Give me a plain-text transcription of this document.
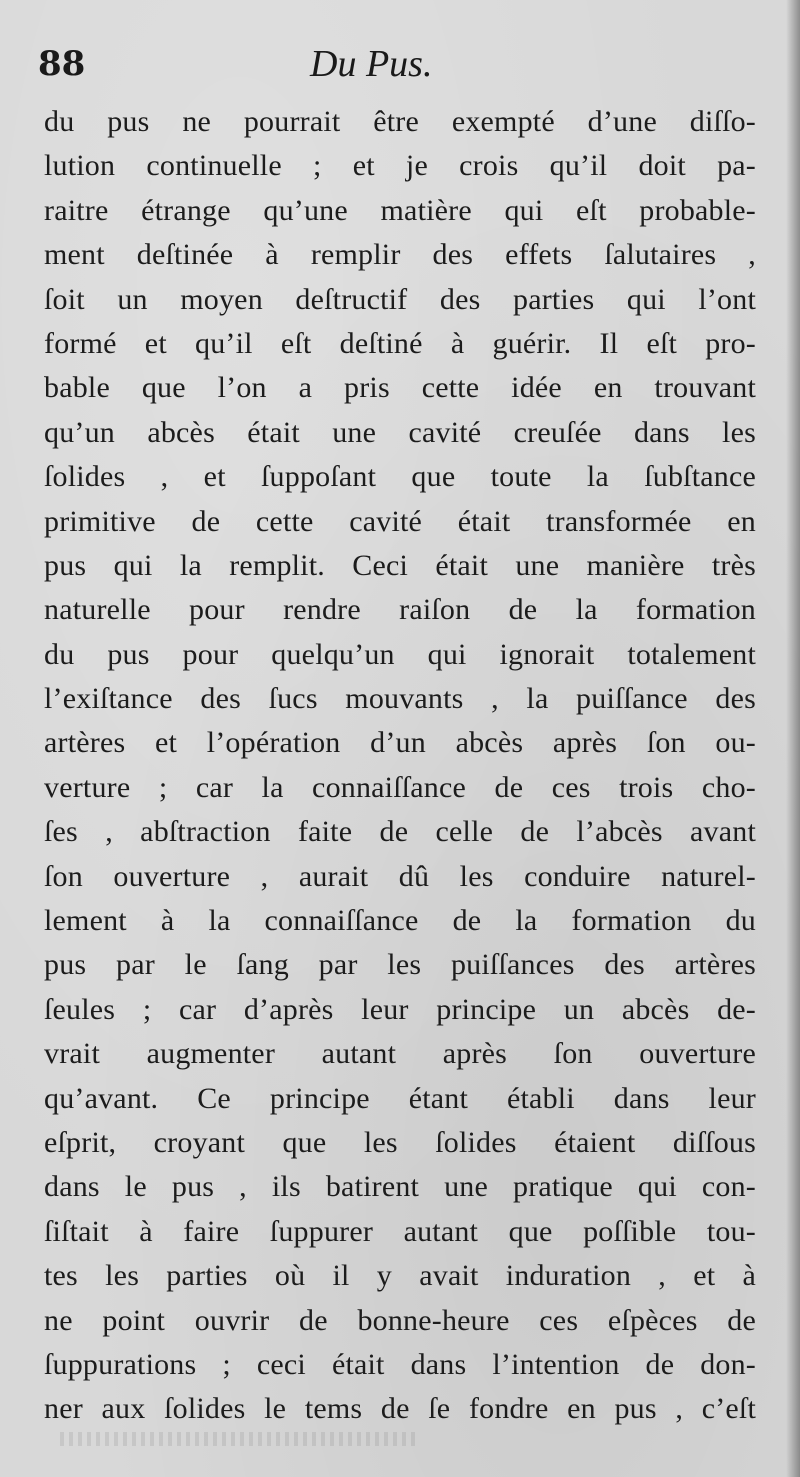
88	Du Pus.
du pus ne pourrait être exempté d’une diſſo-
lution continuelle ; et je crois qu’il doit pa-
raitre étrange qu’une matière qui eſt probable-
ment deſtinée à remplir des effets ſalutaires ,
ſoit un moyen deſtructif des parties qui l’ont
formé et qu’il eſt deſtiné à guérir. Il eſt pro-
bable que l’on a pris cette idée en trouvant
qu’un abcès était une cavité creuſée dans les
ſolides , et ſuppoſant que toute la ſubſtance
primitive de cette cavité était transformée en
pus qui la remplit. Ceci était une manière très
naturelle pour rendre raiſon de la formation
du pus pour quelqu’un qui ignorait totalement
l’exiſtance des ſucs mouvants , la puiſſance des
artères et l’opération d’un abcès après ſon ou-
verture ; car la connaiſſance de ces trois cho-
ſes , abſtraction faite de celle de l’abcès avant
ſon ouverture , aurait dû les conduire naturel-
lement à la connaiſſance de la formation du
pus par le ſang par les puiſſances des artères
ſeules ; car d’après leur principe un abcès de-
vrait augmenter autant après ſon ouverture
qu’avant. Ce principe étant établi dans leur
eſprit, croyant que les ſolides étaient diſſous
dans le pus , ils batirent une pratique qui con-
ſiſtait à faire ſuppurer autant que poſſible tou-
tes les parties où il y avait induration , et à
ne point ouvrir de bonne-heure ces eſpèces de
ſuppurations ; ceci était dans l’intention de don-
ner aux ſolides le tems de ſe fondre en pus , c’eſt
